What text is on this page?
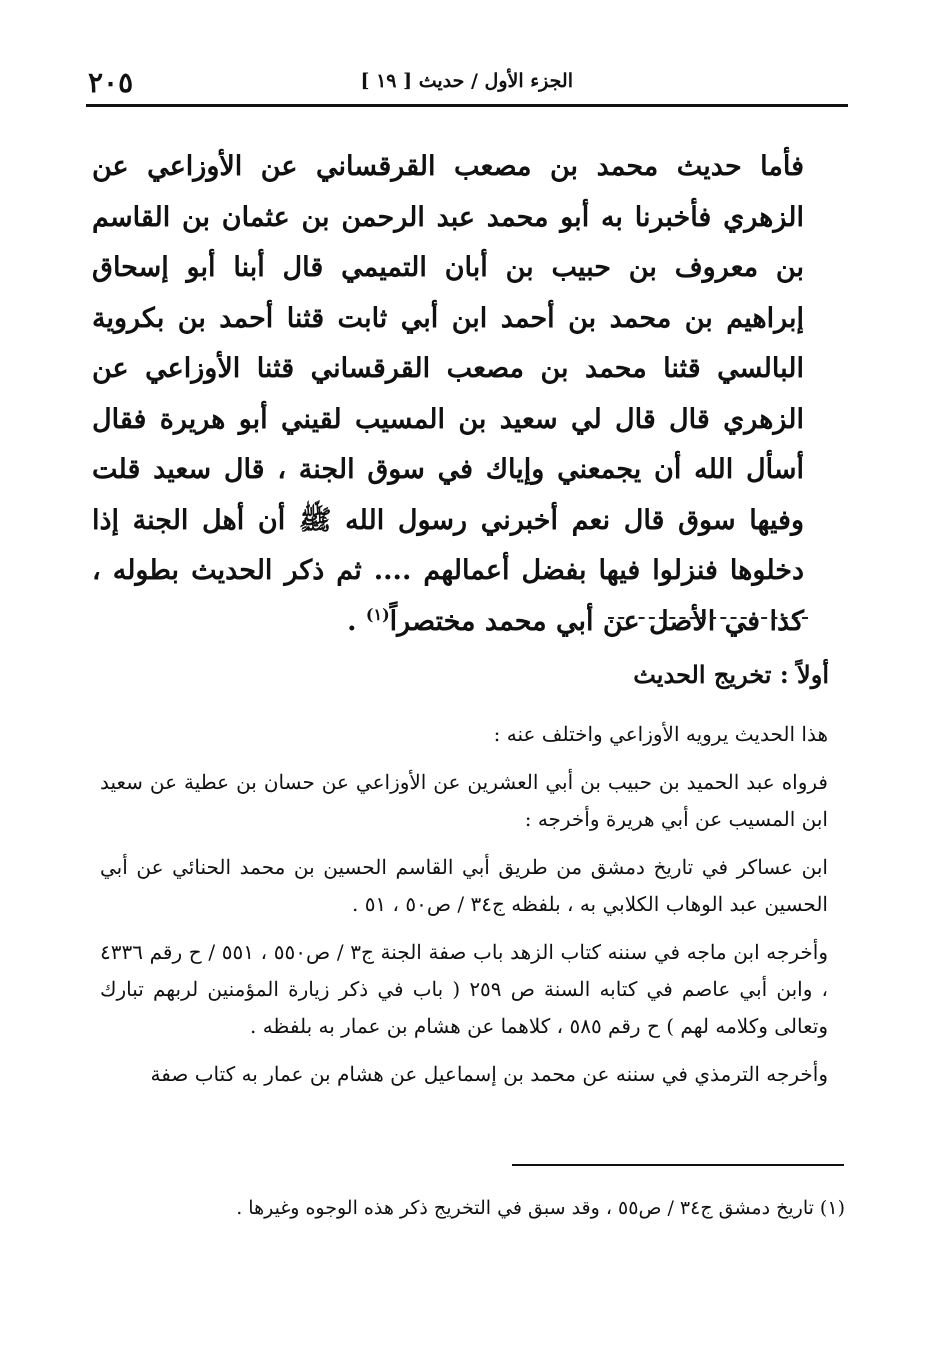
٢٠٥	الجزء الأول / حديث [ ١٩ ]

فأما حديث محمد بن مصعب القرقساني عن الأوزاعي عن الزهري فأخبرنا به أبو محمد عبد الرحمن بن عثمان بن القاسم بن معروف بن حبيب بن أبان التميمي قال أبنا أبو إسحاق إبراهيم بن محمد بن أحمد ابن أبي ثابت قثنا أحمد بن بكروية البالسي قثنا محمد بن مصعب القرقساني قثنا الأوزاعي عن الزهري قال قال لي سعيد بن المسيب لقيني أبو هريرة فقال أسأل الله أن يجمعني وإياك في سوق الجنة ، قال سعيد قلت وفيها سوق قال نعم أخبرني رسول الله ﷺ أن أهل الجنة إذا دخلوها فنزلوا فيها بفضل أعمالهم .... ثم ذكر الحديث بطوله ، كذا في الأصل عن أبي محمد مختصراً$^{(١)}$ .

أولاً : تخريج الحديث

هذا الحديث يرويه الأوزاعي واختلف عنه :

فرواه عبد الحميد بن حبيب بن أبي العشرين عن الأوزاعي عن حسان بن عطية عن سعيد ابن المسيب عن أبي هريرة وأخرجه :

ابن عساكر في تاريخ دمشق من طريق أبي القاسم الحسين بن محمد الحنائي عن أبي الحسين عبد الوهاب الكلابي به ، بلفظه ج٣٤ / ص٥٠ ، ٥١ .

وأخرجه ابن ماجه في سننه كتاب الزهد باب صفة الجنة ج٣ / ص٥٥٠ ، ٥٥١ / ح رقم ٤٣٣٦ ، وابن أبي عاصم في كتابه السنة ص ٢٥٩ ( باب في ذكر زيارة المؤمنين لربهم تبارك وتعالى وكلامه لهم ) ح رقم ٥٨٥ ، كلاهما عن هشام بن عمار به بلفظه .

وأخرجه الترمذي في سننه عن محمد بن إسماعيل عن هشام بن عمار به كتاب صفة

(١) تاريخ دمشق ج٣٤ / ص٥٥ ، وقد سبق في التخريج ذكر هذه الوجوه وغيرها .
